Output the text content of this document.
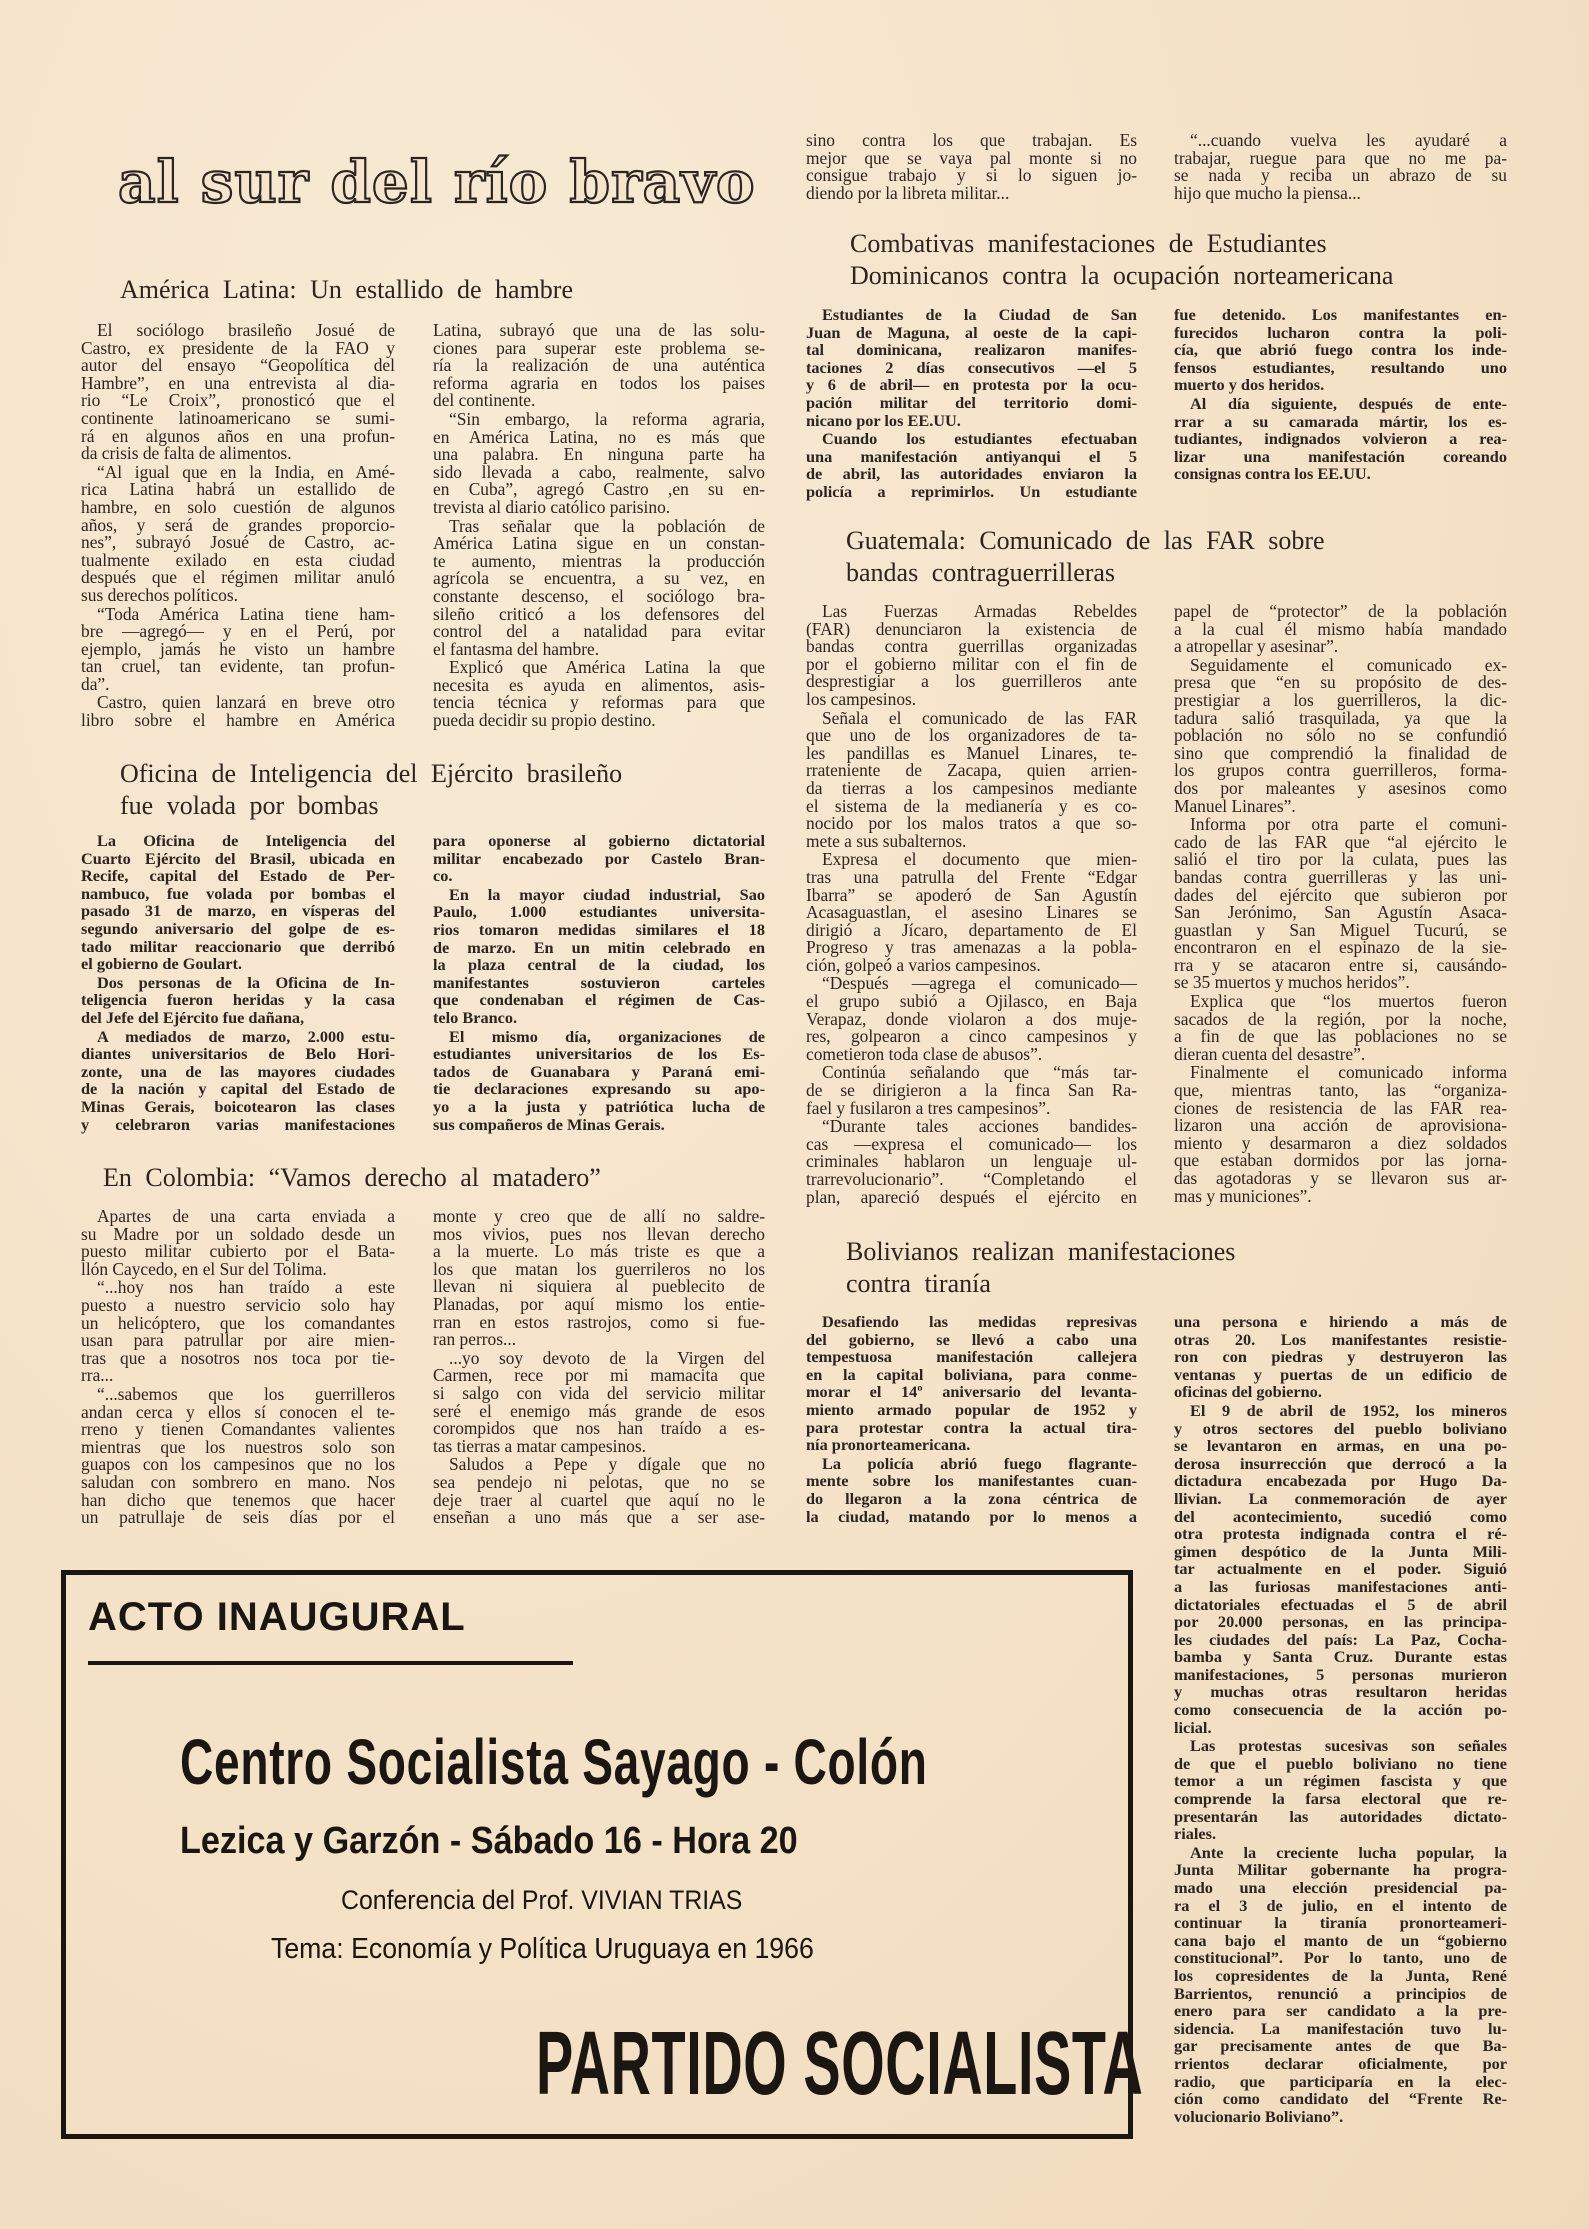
al sur del río bravo
sino contra los que trabajan. Es
mejor que se vaya pal monte si no
consigue trabajo y si lo siguen jo-
diendo por la libreta militar...
“...cuando vuelva les ayudaré a
trabajar, ruegue para que no me pa-
se nada y reciba un abrazo de su
hijo que mucho la piensa...
América Latina: Un estallido de hambre
El sociólogo brasileño Josué de
Castro, ex presidente de la FAO y
autor del ensayo “Geopolítica del
Hambre”, en una entrevista al dia-
rio “Le Croix”, pronosticó que el
continente latinoamericano se sumi-
rá en algunos años en una profun-
da crisis de falta de alimentos.
“Al igual que en la India, en Amé-
rica Latina habrá un estallido de
hambre, en solo cuestión de algunos
años, y será de grandes proporcio-
nes”, subrayó Josué de Castro, ac-
tualmente exilado en esta ciudad
después que el régimen militar anuló
sus derechos políticos.
“Toda América Latina tiene ham-
bre —agregó— y en el Perú, por
ejemplo, jamás he visto un hambre
tan cruel, tan evidente, tan profun-
da”.
Castro, quien lanzará en breve otro
libro sobre el hambre en América
Latina, subrayó que una de las solu-
ciones para superar este problema se-
ría la realización de una auténtica
reforma agraria en todos los paises
del continente.
“Sin embargo, la reforma agraria,
en América Latina, no es más que
una palabra. En ninguna parte ha
sido llevada a cabo, realmente, salvo
en Cuba”, agregó Castro ,en su en-
trevista al diario católico parisino.
Tras señalar que la población de
América Latina sigue en un constan-
te aumento, mientras la producción
agrícola se encuentra, a su vez, en
constante descenso, el sociólogo bra-
sileño criticó a los defensores del
control del a natalidad para evitar
el fantasma del hambre.
Explicó que América Latina la que
necesita es ayuda en alimentos, asis-
tencia técnica y reformas para que
pueda decidir su propio destino.
Oficina de Inteligencia del Ejército brasileño
fue volada por bombas
La Oficina de Inteligencia del
Cuarto Ejército del Brasil, ubicada en
Recife, capital del Estado de Per-
nambuco, fue volada por bombas el
pasado 31 de marzo, en vísperas del
segundo aniversario del golpe de es-
tado militar reaccionario que derribó
el gobierno de Goulart.
Dos personas de la Oficina de In-
teligencia fueron heridas y la casa
del Jefe del Ejército fue dañana,
A mediados de marzo, 2.000 estu-
diantes universitarios de Belo Hori-
zonte, una de las mayores ciudades
de la nación y capital del Estado de
Minas Gerais, boicotearon las clases
y celebraron varias manifestaciones
para oponerse al gobierno dictatorial
militar encabezado por Castelo Bran-
co.
En la mayor ciudad industrial, Sao
Paulo, 1.000 estudiantes universita-
rios tomaron medidas similares el 18
de marzo. En un mitin celebrado en
la plaza central de la ciudad, los
manifestantes sostuvieron carteles
que condenaban el régimen de Cas-
telo Branco.
El mismo día, organizaciones de
estudiantes universitarios de los Es-
tados de Guanabara y Paraná emi-
tie declaraciones expresando su apo-
yo a la justa y patriótica lucha de
sus compañeros de Minas Gerais.
En Colombia: “Vamos derecho al matadero”
Apartes de una carta enviada a
su Madre por un soldado desde un
puesto militar cubierto por el Bata-
llón Caycedo, en el Sur del Tolima.
“...hoy nos han traído a este
puesto a nuestro servicio solo hay
un helicóptero, que los comandantes
usan para patrullar por aire mien-
tras que a nosotros nos toca por tie-
rra...
“...sabemos que los guerrilleros
andan cerca y ellos sí conocen el te-
rreno y tienen Comandantes valientes
mientras que los nuestros solo son
guapos con los campesinos que no los
saludan con sombrero en mano. Nos
han dicho que tenemos que hacer
un patrullaje de seis días por el
monte y creo que de allí no saldre-
mos vivios, pues nos llevan derecho
a la muerte. Lo más triste es que a
los que matan los guerrileros no los
llevan ni siquiera al pueblecito de
Planadas, por aquí mismo los entie-
rran en estos rastrojos, como si fue-
ran perros...
...yo soy devoto de la Virgen del
Carmen, rece por mi mamacita que
si salgo con vida del servicio militar
seré el enemigo más grande de esos
corompidos que nos han traído a es-
tas tierras a matar campesinos.
Saludos a Pepe y dígale que no
sea pendejo ni pelotas, que no se
deje traer al cuartel que aquí no le
enseñan a uno más que a ser ase-
Combativas manifestaciones de Estudiantes
Dominicanos contra la ocupación norteamericana
Estudiantes de la Ciudad de San
Juan de Maguna, al oeste de la capi-
tal dominicana, realizaron manifes-
taciones 2 días consecutivos —el 5
y 6 de abril— en protesta por la ocu-
pación militar del territorio domi-
nicano por los EE.UU.
Cuando los estudiantes efectuaban
una manifestación antiyanqui el 5
de abril, las autoridades enviaron la
policía a reprimirlos. Un estudiante
fue detenido. Los manifestantes en-
furecidos lucharon contra la poli-
cía, que abrió fuego contra los inde-
fensos estudiantes, resultando uno
muerto y dos heridos.
Al día siguiente, después de ente-
rrar a su camarada mártir, los es-
tudiantes, indignados volvieron a rea-
lizar una manifestación coreando
consignas contra los EE.UU.
Guatemala: Comunicado de las FAR sobre
bandas contraguerrilleras
Las Fuerzas Armadas Rebeldes
(FAR) denunciaron la existencia de
bandas contra guerrillas organizadas
por el gobierno militar con el fin de
desprestigiar a los guerrilleros ante
los campesinos.
Señala el comunicado de las FAR
que uno de los organizadores de ta-
les pandillas es Manuel Linares, te-
rrateniente de Zacapa, quien arrien-
da tierras a los campesinos mediante
el sistema de la medianería y es co-
nocido por los malos tratos a que so-
mete a sus subalternos.
Expresa el documento que mien-
tras una patrulla del Frente “Edgar
Ibarra” se apoderó de San Agustín
Acasaguastlan, el asesino Linares se
dirigió a Jícaro, departamento de El
Progreso y tras amenazas a la pobla-
ción, golpeó a varios campesinos.
“Después —agrega el comunicado—
el grupo subió a Ojilasco, en Baja
Verapaz, donde violaron a dos muje-
res, golpearon a cinco campesinos y
cometieron toda clase de abusos”.
Continúa señalando que “más tar-
de se dirigieron a la finca San Ra-
fael y fusilaron a tres campesinos”.
“Durante tales acciones bandides-
cas —expresa el comunicado— los
criminales hablaron un lenguaje ul-
trarrevolucionario”. “Completando el
plan, apareció después el ejército en
papel de “protector” de la población
a la cual él mismo había mandado
a atropellar y asesinar”.
Seguidamente el comunicado ex-
presa que “en su propósito de des-
prestigiar a los guerrilleros, la dic-
tadura salió trasquilada, ya que la
población no sólo no se confundió
sino que comprendió la finalidad de
los grupos contra guerrilleros, forma-
dos por maleantes y asesinos como
Manuel Linares”.
Informa por otra parte el comuni-
cado de las FAR que “al ejército le
salió el tiro por la culata, pues las
bandas contra guerrilleras y las uni-
dades del ejército que subieron por
San Jerónimo, San Agustín Asaca-
guastlan y San Miguel Tucurú, se
encontraron en el espinazo de la sie-
rra y se atacaron entre si, causándo-
se 35 muertos y muchos heridos”.
Explica que “los muertos fueron
sacados de la región, por la noche,
a fin de que las poblaciones no se
dieran cuenta del desastre”.
Finalmente el comunicado informa
que, mientras tanto, las “organiza-
ciones de resistencia de las FAR rea-
lizaron una acción de aprovisiona-
miento y desarmaron a diez soldados
que estaban dormidos por las jorna-
das agotadoras y se llevaron sus ar-
mas y municiones”.
Bolivianos realizan manifestaciones
contra tiranía
Desafiendo las medidas represivas
del gobierno, se llevó a cabo una
tempestuosa manifestación callejera
en la capital boliviana, para conme-
morar el 14º aniversario del levanta-
miento armado popular de 1952 y
para protestar contra la actual tira-
nía pronorteamericana.
La policía abrió fuego flagrante-
mente sobre los manifestantes cuan-
do llegaron a la zona céntrica de
la ciudad, matando por lo menos a
una persona e hiriendo a más de
otras 20. Los manifestantes resistie-
ron con piedras y destruyeron las
ventanas y puertas de un edificio de
oficinas del gobierno.
El 9 de abril de 1952, los mineros
y otros sectores del pueblo boliviano
se levantaron en armas, en una po-
derosa insurrección que derrocó a la
dictadura encabezada por Hugo Da-
llivian. La conmemoración de ayer
del acontecimiento, sucedió como
otra protesta indignada contra el ré-
gimen despótico de la Junta Mili-
tar actualmente en el poder. Siguió
a las furiosas manifestaciones anti-
dictatoriales efectuadas el 5 de abril
por 20.000 personas, en las principa-
les ciudades del país: La Paz, Cocha-
bamba y Santa Cruz. Durante estas
manifestaciones, 5 personas murieron
y muchas otras resultaron heridas
como consecuencia de la acción po-
licial.
Las protestas sucesivas son señales
de que el pueblo boliviano no tiene
temor a un régimen fascista y que
comprende la farsa electoral que re-
presentarán las autoridades dictato-
riales.
Ante la creciente lucha popular, la
Junta Militar gobernante ha progra-
mado una elección presidencial pa-
ra el 3 de julio, en el intento de
continuar la tiranía pronorteameri-
cana bajo el manto de un “gobierno
constitucional”. Por lo tanto, uno de
los copresidentes de la Junta, René
Barrientos, renunció a principios de
enero para ser candidato a la pre-
sidencia. La manifestación tuvo lu-
gar precisamente antes de que Ba-
rrientos declarar oficialmente, por
radio, que participaría en la elec-
ción como candidato del “Frente Re-
volucionario Boliviano”.
ACTO INAUGURAL
Centro Socialista Sayago - Colón
Lezica y Garzón - Sábado 16 - Hora 20
Conferencia del Prof. VIVIAN TRIAS
Tema: Economía y Política Uruguaya en 1966
PARTIDO SOCIALISTA
